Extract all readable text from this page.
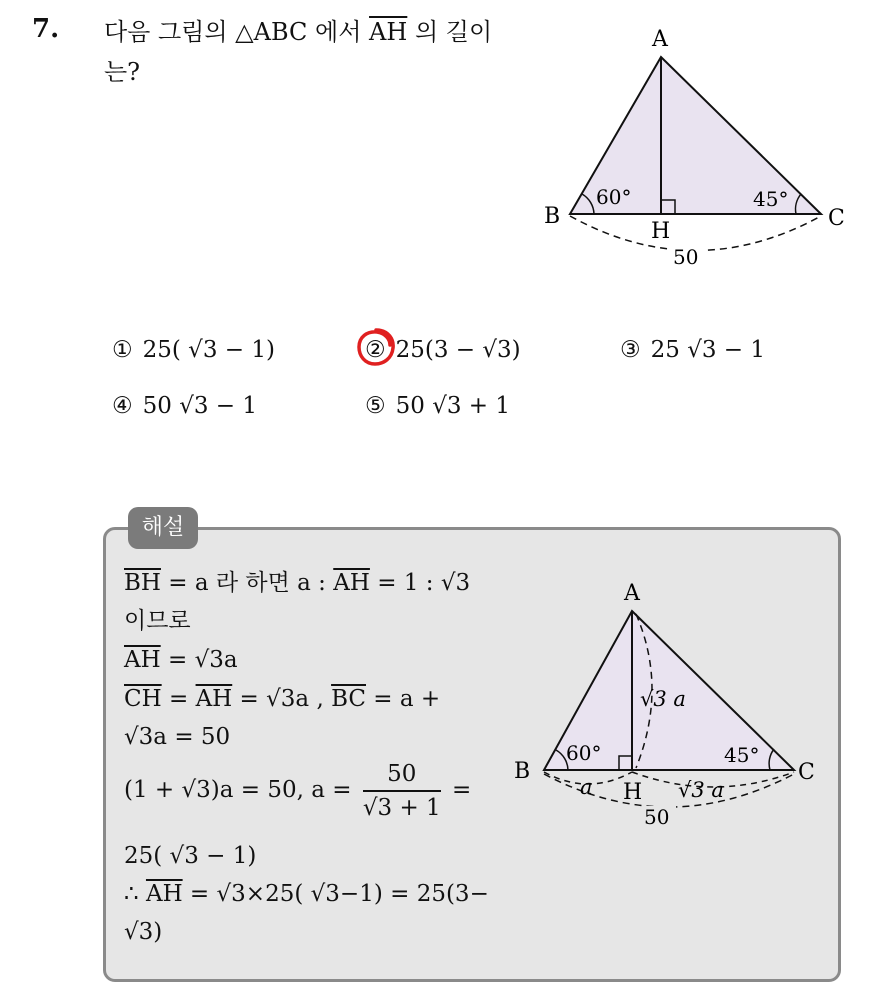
7. 다음 그림의 △ABC 에서 $\overline{AH}$ 의 길이는?
A
B	C
H
60°	45°
50
① 25( √3 − 1)	② 25(3 − √3)	③ 25 √3 − 1
④ 50 √3 − 1	⑤ 50 √3 + 1
해설
$\overline{BH} = a$ 라 하면 a : $\overline{AH} = 1$ : √3
이므로
$\overline{AH} = √3a$
$\overline{CH} = \overline{AH} = √3a$ , $\overline{BC} = a$ +
√3a = 50
(1 + √3)a = 50, $a = \frac{50}{√3 + 1}$ =
25( √3 − 1)
∴ $\overline{AH} = √3\times 25$( √3−1) = 25(3−
√3)
A
B	C
H
60°	45°
√3 a
a	√3 a
50
